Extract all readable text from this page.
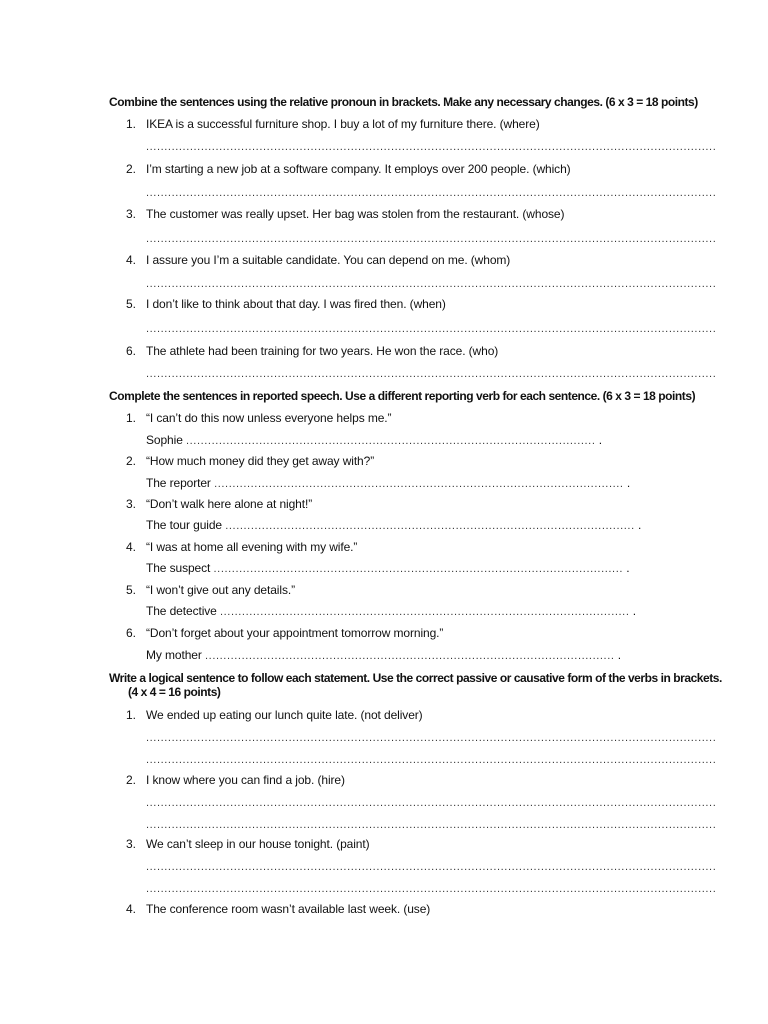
Combine the sentences using the relative pronoun in brackets. Make any necessary changes. (6 x 3 = 18 points)
1. IKEA is a successful furniture shop. I buy a lot of my furniture there. (where)
............................................................................................................................................................
2. I’m starting a new job at a software company. It employs over 200 people. (which)
............................................................................................................................................................
3. The customer was really upset. Her bag was stolen from the restaurant. (whose)
............................................................................................................................................................
4. I assure you I’m a suitable candidate. You can depend on me. (whom)
............................................................................................................................................................
5. I don’t like to think about that day. I was fired then. (when)
............................................................................................................................................................
6. The athlete had been training for two years. He won the race. (who)
............................................................................................................................................................
Complete the sentences in reported speech. Use a different reporting verb for each sentence. (6 x 3 = 18 points)
1. “I can’t do this now unless everyone helps me.”
Sophie ................................................................................................................ .
2. “How much money did they get away with?”
The reporter ................................................................................................................ .
3. “Don’t walk here alone at night!”
The tour guide ................................................................................................................ .
4. “I was at home all evening with my wife.”
The suspect ................................................................................................................ .
5. “I won’t give out any details.”
The detective ................................................................................................................ .
6. “Don’t forget about your appointment tomorrow morning.”
My mother ................................................................................................................ .
Write a logical sentence to follow each statement. Use the correct passive or causative form of the verbs in brackets.
(4 x 4 = 16 points)
1. We ended up eating our lunch quite late. (not deliver)
............................................................................................................................................................
............................................................................................................................................................
2. I know where you can find a job. (hire)
............................................................................................................................................................
............................................................................................................................................................
3. We can’t sleep in our house tonight. (paint)
............................................................................................................................................................
............................................................................................................................................................
4. The conference room wasn’t available last week. (use)
